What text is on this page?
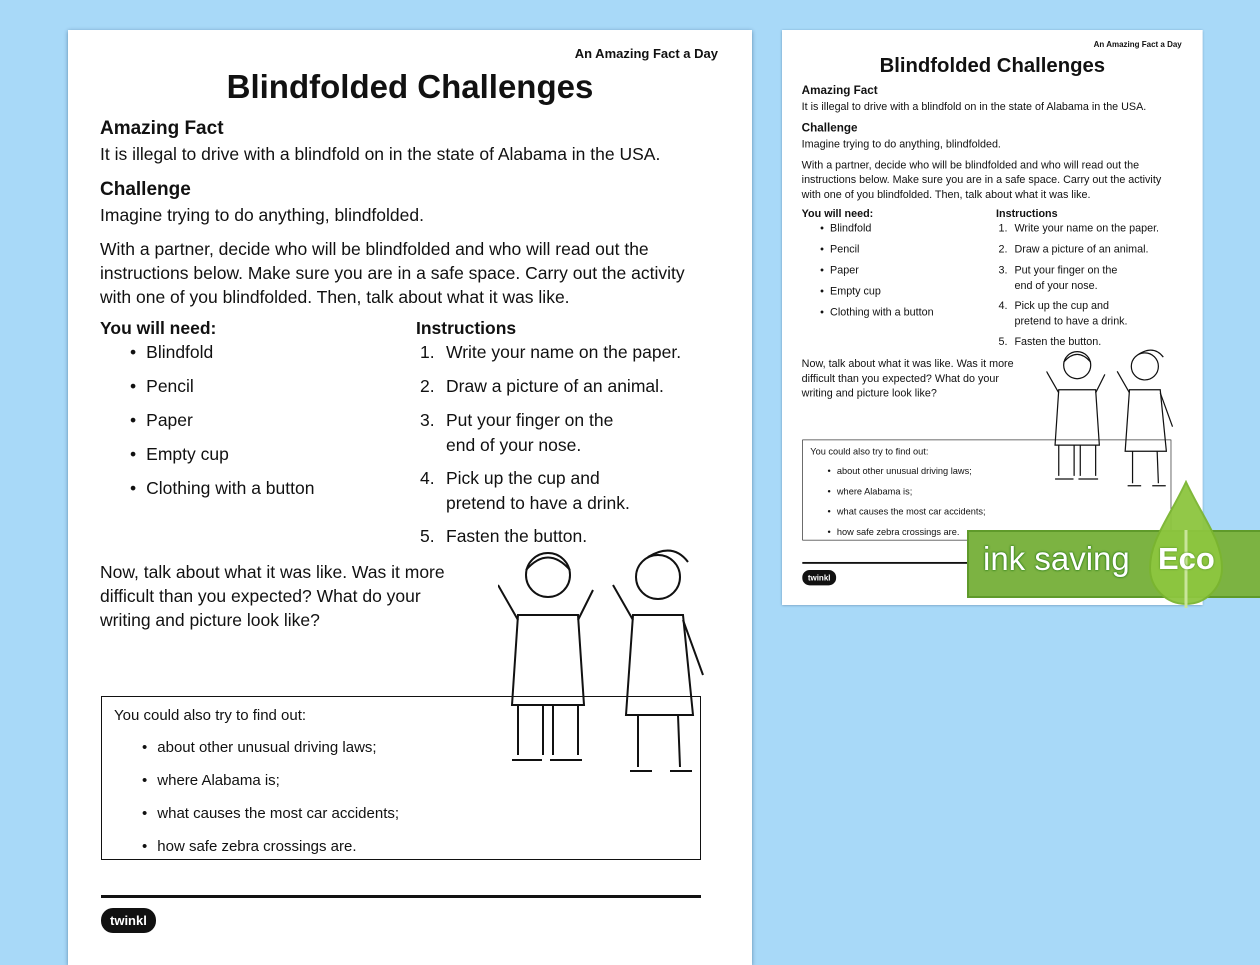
An Amazing Fact a Day
Blindfolded Challenges
Amazing Fact
It is illegal to drive with a blindfold on in the state of Alabama in the USA.
Challenge
Imagine trying to do anything, blindfolded.
With a partner, decide who will be blindfolded and who will read out the
instructions below. Make sure you are in a safe space. Carry out the activity
with one of you blindfolded. Then, talk about what it was like.
You will need:	Instructions
• Blindfold
• Pencil
• Paper
• Empty cup
• Clothing with a button
1. Write your name on the paper.
2. Draw a picture of an animal.
3. Put your finger on the
end of your nose.
4. Pick up the cup and
pretend to have a drink.
5. Fasten the button.
Now, talk about what it was like. Was it more
difficult than you expected? What do your
writing and picture look like?
You could also try to find out:
• about other unusual driving laws;
• where Alabama is;
• what causes the most car accidents;
• how safe zebra crossings are.
twinkl
An Amazing Fact a Day
Blindfolded Challenges
Amazing Fact
It is illegal to drive with a blindfold on in the state of Alabama in the USA.
Challenge
Imagine trying to do anything, blindfolded.
With a partner, decide who will be blindfolded and who will read out the
instructions below. Make sure you are in a safe space. Carry out the activity
with one of you blindfolded. Then, talk about what it was like.
You will need:	Instructions
• Blindfold
• Pencil
• Paper
• Empty cup
• Clothing with a button
1. Write your name on the paper.
2. Draw a picture of an animal.
3. Put your finger on the
end of your nose.
4. Pick up the cup and
pretend to have a drink.
5. Fasten the button.
Now, talk about what it was like. Was it more
difficult than you expected? What do your
writing and picture look like?
You could also try to find out:
• about other unusual driving laws;
• where Alabama is;
• what causes the most car accidents;
• how safe zebra crossings are.
twinkl
ink saving Eco
